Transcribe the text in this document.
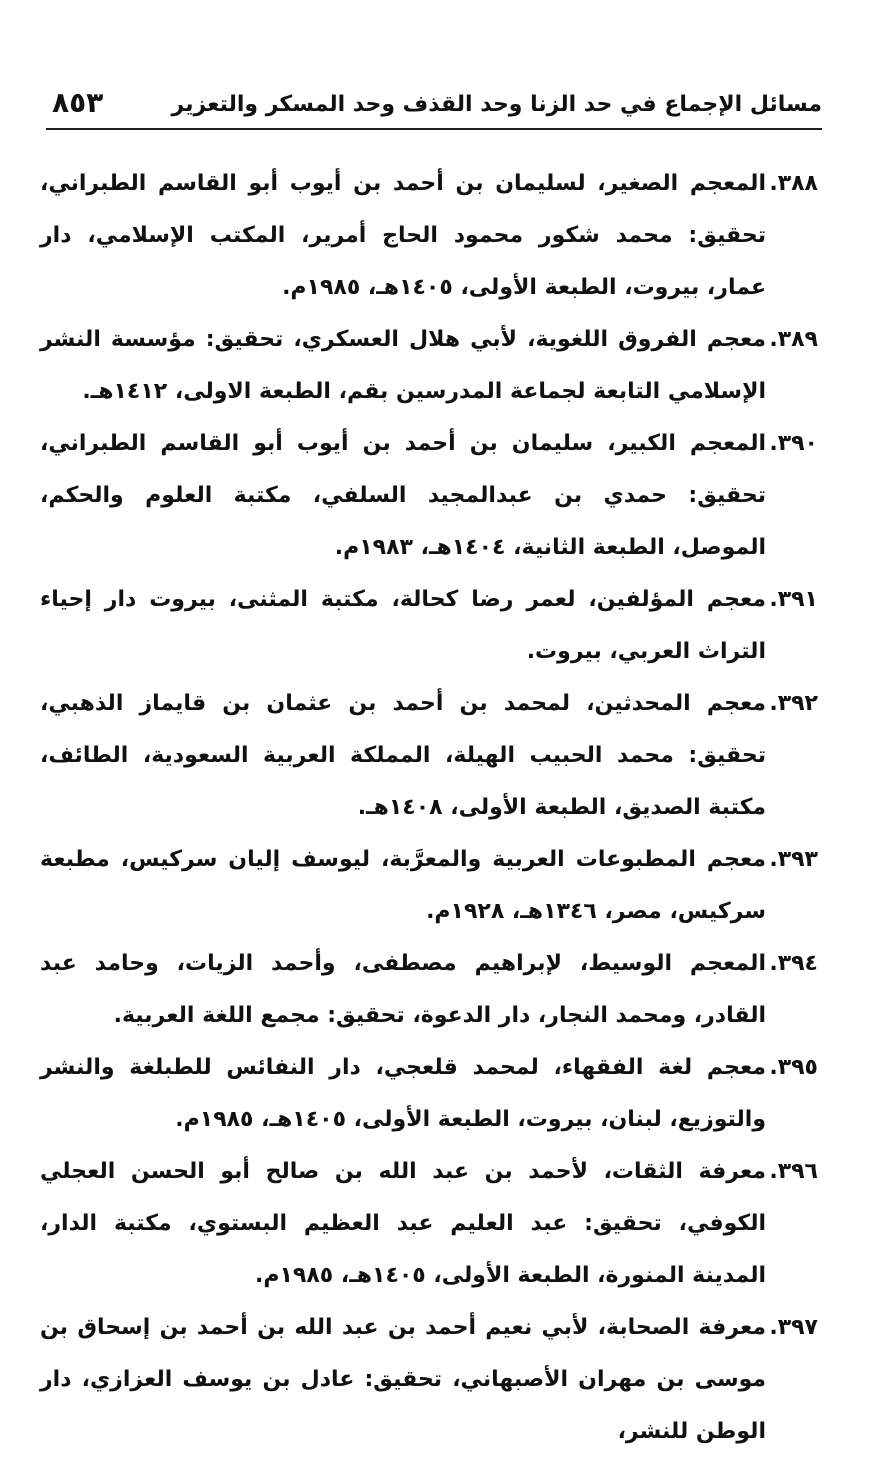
مسائل الإجماع في حد الزنا وحد القذف وحد المسكر والتعزير
٨٥٣

٣٨٨.المعجم الصغير، لسليمان بن أحمد بن أيوب أبو القاسم الطبراني، تحقيق: محمد شكور محمود الحاج أمرير، المكتب الإسلامي، دار عمار، بيروت، الطبعة الأولى، ١٤٠٥هـ، ١٩٨٥م.

٣٨٩.معجم الفروق اللغوية، لأبي هلال العسكري، تحقيق: مؤسسة النشر الإسلامي التابعة لجماعة المدرسين بقم، الطبعة الاولى، ١٤١٢هـ.

٣٩٠.المعجم الكبير، سليمان بن أحمد بن أيوب أبو القاسم الطبراني، تحقيق: حمدي بن عبدالمجيد السلفي، مكتبة العلوم والحكم، الموصل، الطبعة الثانية، ١٤٠٤هـ، ١٩٨٣م.

٣٩١.معجم المؤلفين، لعمر رضا كحالة، مكتبة المثنى، بيروت دار إحياء التراث العربي، بيروت.

٣٩٢.معجم المحدثين، لمحمد بن أحمد بن عثمان بن قايماز الذهبي، تحقيق: محمد الحبيب الهيلة، المملكة العربية السعودية، الطائف، مكتبة الصديق، الطبعة الأولى، ١٤٠٨هـ.

٣٩٣.معجم المطبوعات العربية والمعرَّبة، ليوسف إليان سركيس، مطبعة سركيس، مصر، ١٣٤٦هـ، ١٩٢٨م.

٣٩٤.المعجم الوسيط، لإبراهيم مصطفى، وأحمد الزيات، وحامد عبد القادر، ومحمد النجار، دار الدعوة، تحقيق: مجمع اللغة العربية.

٣٩٥.معجم لغة الفقهاء، لمحمد قلعجي، دار النفائس للطبلغة والنشر والتوزيع، لبنان، بيروت، الطبعة الأولى، ١٤٠٥هـ، ١٩٨٥م.

٣٩٦.معرفة الثقات، لأحمد بن عبد الله بن صالح أبو الحسن العجلي الكوفي، تحقيق: عبد العليم عبد العظيم البستوي، مكتبة الدار، المدينة المنورة، الطبعة الأولى، ١٤٠٥هـ، ١٩٨٥م.

٣٩٧.معرفة الصحابة، لأبي نعيم أحمد بن عبد الله بن أحمد بن إسحاق بن موسى بن مهران الأصبهاني، تحقيق: عادل بن يوسف العزازي، دار الوطن للنشر،
